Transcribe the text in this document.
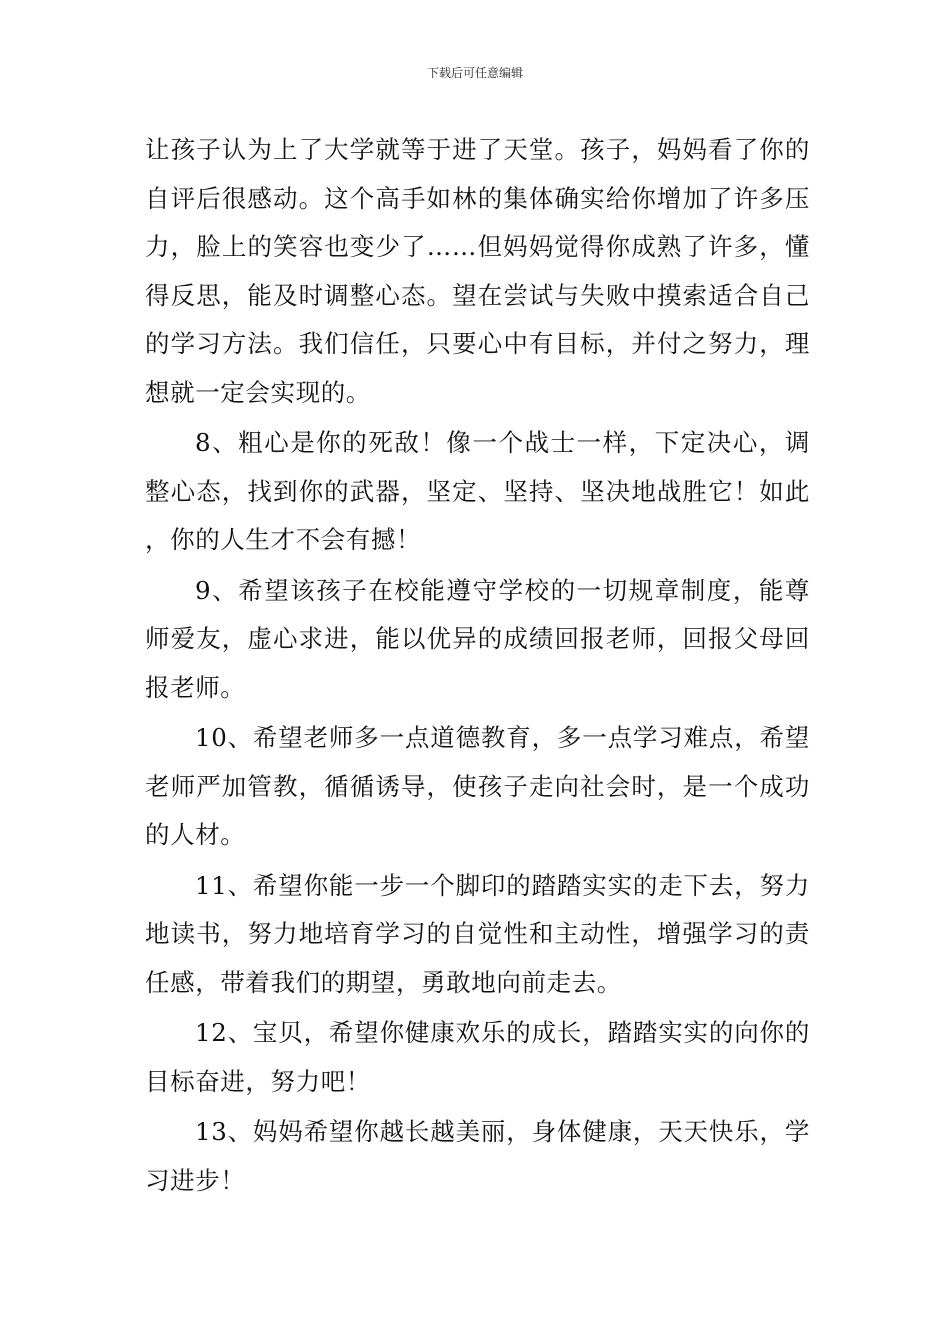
下载后可任意编辑

让孩子认为上了大学就等于进了天堂。孩子，妈妈看了你的自评后很感动。这个高手如林的集体确实给你增加了许多压力，脸上的笑容也变少了……但妈妈觉得你成熟了许多，懂得反思，能及时调整心态。望在尝试与失败中摸索适合自己的学习方法。我们信任，只要心中有目标，并付之努力，理想就一定会实现的。

8、粗心是你的死敌！像一个战士一样，下定决心，调整心态，找到你的武器，坚定、坚持、坚决地战胜它！如此，你的人生才不会有撼！

9、希望该孩子在校能遵守学校的一切规章制度，能尊师爱友，虚心求进，能以优异的成绩回报老师，回报父母回报老师。

10、希望老师多一点道德教育，多一点学习难点，希望老师严加管教，循循诱导，使孩子走向社会时，是一个成功的人材。

11、希望你能一步一个脚印的踏踏实实的走下去，努力地读书，努力地培育学习的自觉性和主动性，增强学习的责任感，带着我们的期望，勇敢地向前走去。

12、宝贝，希望你健康欢乐的成长，踏踏实实的向你的目标奋进，努力吧！

13、妈妈希望你越长越美丽，身体健康，天天快乐，学习进步！
